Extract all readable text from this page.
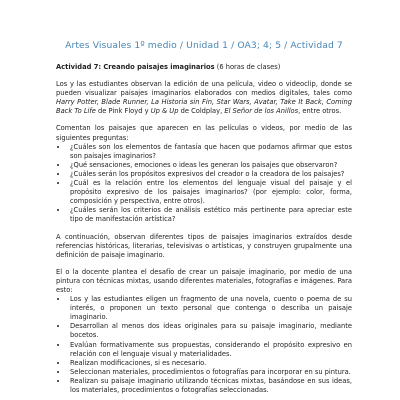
Artes Visuales 1º medio / Unidad 1 / OA3; 4; 5 / Actividad 7

Actividad 7: Creando paisajes imaginarios (6 horas de clases)

Los y las estudiantes observan la edición de una película, video o videoclip, donde se pueden visualizar paisajes imaginarios elaborados con medios digitales, tales como Harry Potter, Blade Runner, La Historia sin Fin, Star Wars, Avatar, Take It Back, Coming Back To Life de Pink Floyd y Up & Up de Coldplay, El Señor de los Anillos, entre otros.

Comentan los paisajes que aparecen en las películas o videos, por medio de las siguientes preguntas:

• ¿Cuáles son los elementos de fantasía que hacen que podamos afirmar que estos son paisajes imaginarios?
• ¿Qué sensaciones, emociones o ideas les generan los paisajes que observaron?
• ¿Cuáles serán los propósitos expresivos del creador o la creadora de los paisajes?
• ¿Cuál es la relación entre los elementos del lenguaje visual del paisaje y el propósito expresivo de los paisajes imaginarios? (por ejemplo: color, forma, composición y perspectiva, entre otros).
• ¿Cuáles serán los criterios de análisis estético más pertinente para apreciar este tipo de manifestación artística?

A continuación, observan diferentes tipos de paisajes imaginarios extraídos desde referencias históricas, literarias, televisivas o artísticas, y construyen grupalmente una definición de paisaje imaginario.

El o la docente plantea el desafío de crear un paisaje imaginario, por medio de una pintura con técnicas mixtas, usando diferentes materiales, fotografías e imágenes. Para esto:

• Los y las estudiantes eligen un fragmento de una novela, cuento o poema de su interés, o proponen un texto personal que contenga o describa un paisaje imaginario.
• Desarrollan al menos dos ideas originales para su paisaje imaginario, mediante bocetos.
• Evalúan formativamente sus propuestas, considerando el propósito expresivo en relación con el lenguaje visual y materialidades.
• Realizan modificaciones, si es necesario.
• Seleccionan materiales, procedimientos o fotografías para incorporar en su pintura.
• Realizan su paisaje imaginario utilizando técnicas mixtas, basándose en sus ideas, los materiales, procedimientos o fotografías seleccionadas.
